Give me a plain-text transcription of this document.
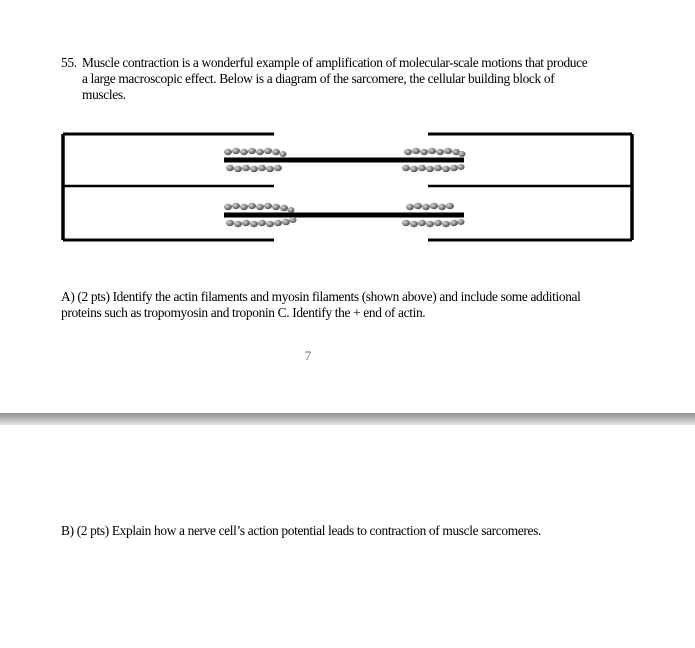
55. Muscle contraction is a wonderful example of amplification of molecular-scale motions that produce
a large macroscopic effect. Below is a diagram of the sarcomere, the cellular building block of
muscles.
A) (2 pts) Identify the actin filaments and myosin filaments (shown above) and include some additional
proteins such as tropomyosin and troponin C. Identify the + end of actin.
7
B) (2 pts) Explain how a nerve cell’s action potential leads to contraction of muscle sarcomeres.
